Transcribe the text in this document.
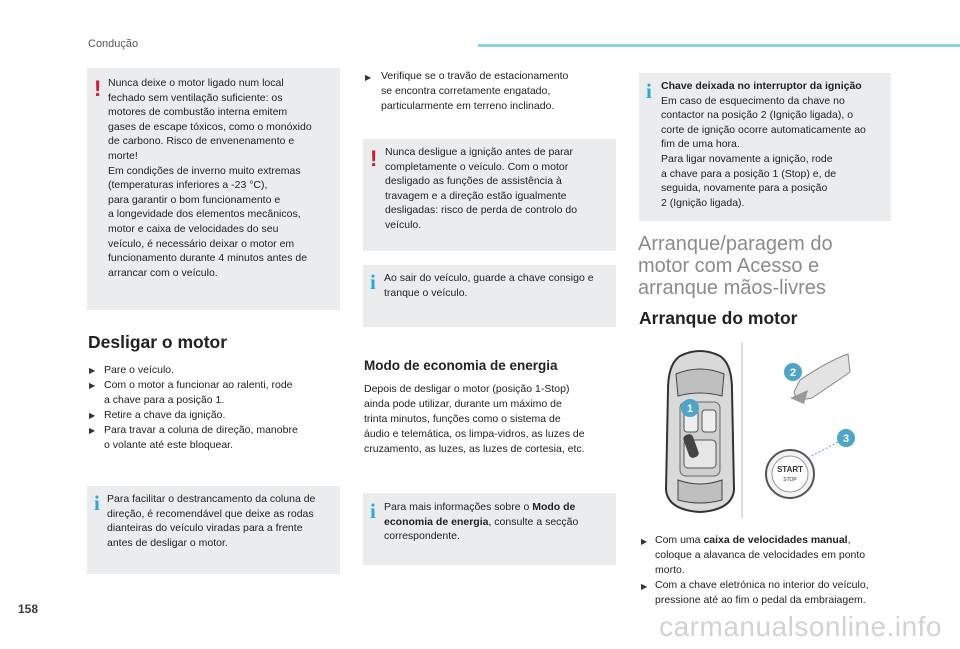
Condução
158
! Nunca deixe o motor ligado num local
fechado sem ventilação suficiente: os
motores de combustão interna emitem
gases de escape tóxicos, como o monóxido
de carbono. Risco de envenenamento e
morte!
Em condições de inverno muito extremas
(temperaturas inferiores a -23 °C),
para garantir o bom funcionamento e
a longevidade dos elementos mecânicos,
motor e caixa de velocidades do seu
veículo, é necessário deixar o motor em
funcionamento durante 4 minutos antes de
arrancar com o veículo.
Desligar o motor
▶ Pare o veículo.
▶ Com o motor a funcionar ao ralenti, rode
a chave para a posição 1.
▶ Retire a chave da ignição.
▶ Para travar a coluna de direção, manobre
o volante até este bloquear.
i Para facilitar o destrancamento da coluna de
direção, é recomendável que deixe as rodas
dianteiras do veículo viradas para a frente
antes de desligar o motor.
▶ Verifique se o travão de estacionamento
se encontra corretamente engatado,
particularmente em terreno inclinado.
! Nunca desligue a ignição antes de parar
completamente o veículo. Com o motor
desligado as funções de assistência à
travagem e a direção estão igualmente
desligadas: risco de perda de controlo do
veículo.
i Ao sair do veículo, guarde a chave consigo e
tranque o veículo.
Modo de economia de energia
Depois de desligar o motor (posição 1-Stop)
ainda pode utilizar, durante um máximo de
trinta minutos, funções como o sistema de
áudio e telemática, os limpa-vidros, as luzes de
cruzamento, as luzes, as luzes de cortesia, etc.
i Para mais informações sobre o Modo de
economia de energia, consulte a secção
correspondente.
i Chave deixada no interruptor da ignição
Em caso de esquecimento da chave no
contactor na posição 2 (Ignição ligada), o
corte de ignição ocorre automaticamente ao
fim de uma hora.
Para ligar novamente a ignição, rode
a chave para a posição 1 (Stop) e, de
seguida, novamente para a posição
2 (Ignição ligada).
Arranque/paragem do
motor com Acesso e
arranque mãos-livres
Arranque do motor
1
2
START
STOP
3
▶ Com uma caixa de velocidades manual,
coloque a alavanca de velocidades em ponto
morto.
▶ Com a chave eletrónica no interior do veículo,
pressione até ao fim o pedal da embraiagem.
carmanualsonline.info
